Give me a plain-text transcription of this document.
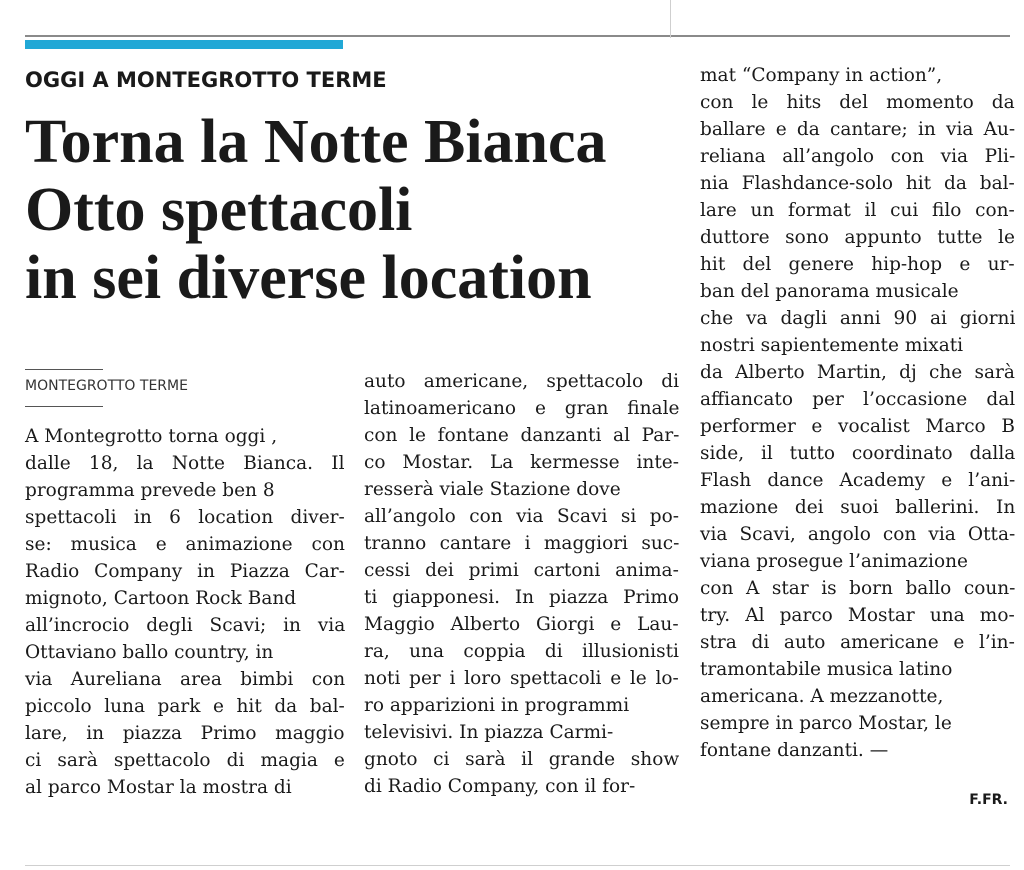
OGGI A MONTEGROTTO TERME
Torna la Notte Bianca
Otto spettacoli
in sei diverse location
MONTEGROTTO TERME
A Montegrotto torna oggi ,
dalle 18, la Notte Bianca. Il
programma prevede ben 8
spettacoli in 6 location diver-
se: musica e animazione con
Radio Company in Piazza Car-
mignoto, Cartoon Rock Band
all’incrocio degli Scavi; in via
Ottaviano ballo country, in
via Aureliana area bimbi con
piccolo luna park e hit da bal-
lare, in piazza Primo maggio
ci sarà spettacolo di magia e
al parco Mostar la mostra di
auto americane, spettacolo di
latinoamericano e gran finale
con le fontane danzanti al Par-
co Mostar. La kermesse inte-
resserà viale Stazione dove
all’angolo con via Scavi si po-
tranno cantare i maggiori suc-
cessi dei primi cartoni anima-
ti giapponesi. In piazza Primo
Maggio Alberto Giorgi e Lau-
ra, una coppia di illusionisti
noti per i loro spettacoli e le lo-
ro apparizioni in programmi
televisivi. In piazza Carmi-
gnoto ci sarà il grande show
di Radio Company, con il for-
mat “Company in action”,
con le hits del momento da
ballare e da cantare; in via Au-
reliana all’angolo con via Pli-
nia Flashdance-solo hit da bal-
lare un format il cui filo con-
duttore sono appunto tutte le
hit del genere hip-hop e ur-
ban del panorama musicale
che va dagli anni 90 ai giorni
nostri sapientemente mixati
da Alberto Martin, dj che sarà
affiancato per l’occasione dal
performer e vocalist Marco B
side, il tutto coordinato dalla
Flash dance Academy e l’ani-
mazione dei suoi ballerini. In
via Scavi, angolo con via Otta-
viana prosegue l’animazione
con A star is born ballo coun-
try. Al parco Mostar una mo-
stra di auto americane e l’in-
tramontabile musica latino
americana. A mezzanotte,
sempre in parco Mostar, le
fontane danzanti. —
F.FR.
